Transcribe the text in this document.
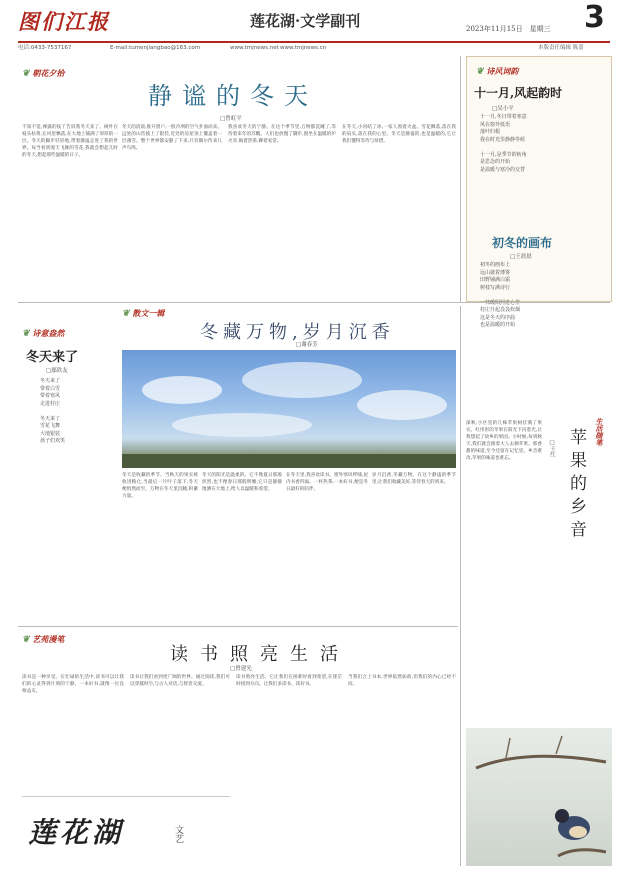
图们江报	莲花湖·文学副刊	2023年11月15日　星期三 3
电话:0433-7537167	E-mail:tumenjiangbao@163.com	www.tmjnews.net www.tmjnews.cn	本版责任编辑 陈蔷
❦ 朝花夕拾
静谧的冬天
□曾虹平
不知不觉,裸露的枝丫告诉我冬天来了。树叶在枝头枯黄,在风里飘落,在大地上铺满了厚厚的一层。冬天的脚步轻轻地,带着静谧走进了我的世界。每当看到漫天飞舞的雪花,我就会想起儿时的冬天,想起那些温暖的日子。
冬天的清晨,推开窗户,一股冷冽的空气扑面而来。远处的山峦披上了银装,近处的房屋顶上覆盖着一层薄雪。整个世界都安静了下来,只有偶尔传来几声鸟鸣。
我喜欢冬天的宁静。在这个季节里,万物都沉睡了,等待着来年的苏醒。人们也放慢了脚步,围坐在温暖的炉火旁,喝着热茶,聊着家常。
在冬天,小河结了冰,一家人围着火盆。雪花飘落,落在我的肩头,落在我的心里。冬天是静谧的,也是温暖的,它让我们懂得等待与珍惜。
❦ 诗风词韵
十一月,风起韵时
□吴小平
十一月,冬日带着寒意
风在窗外低语
落叶归根
我在时光里静静等候

十一月,是季节的转角
是思念的开始
是温暖与寒冷的交替
初冬的画布
□王晨晨
初冬的画布上
远山披着薄雾
田野铺满白霜
树枝写满诗行

村庄升起袅袅炊烟
这是冬天的序曲
也是温暖的开始
❦ 诗意盎然
冬天来了
□鄢欣友
冬天来了
带着白雪
带着寒风
走进村庄

冬天来了
雪花飞舞
大地银装
孩子们欢笑
❦ 散文一辑
冬藏万物,岁月沉香
□谢春芳
冬天是收藏的季节。当秋天的果实被收进粮仓,当最后一片叶子落下,冬天便悄然而至。万物在冬天里沉睡,积蓄力量。
冬天的阳光是温柔的。它不像夏日那般炽烈,也不像春日那般明媚,它只是静静地洒在大地上,给人以温暖和希望。
在冬天里,我喜欢读书。窗外寒风呼啸,屋内书香四溢。一杯热茶,一本好书,便是冬日最好的陪伴。
岁月沉香,冬藏万物。在这个静谧的季节里,让我们收藏美好,等待春天的到来。
生活随笔
苹果的乡音
□王红
深秋,小区里的几株苹果树挂满了果实。红彤彤的苹果在阳光下闪着光,让我想起了故乡的果园。小时候,每到秋天,我们就会跟着大人去摘苹果。那香甜的味道,至今还留在记忆里。乡音难改,苹果的味道也难忘。
❦ 艺苑漫笔
读书照亮生活
□曾建光
读书是一种享受。在忙碌的生活中,读书可以让我们的心灵得到片刻的宁静。一本好书,就像一位良师益友。
读书让我们看到更广阔的世界。通过阅读,我们可以穿越时空,与古人对话,与智者交流。
读书照亮生活。它让我们在困难时看到希望,在迷茫时找到方向。让我们多读书、读好书。
当我们合上书本,世界依然如故,但我们的内心已经不同。
莲花湖	文艺
